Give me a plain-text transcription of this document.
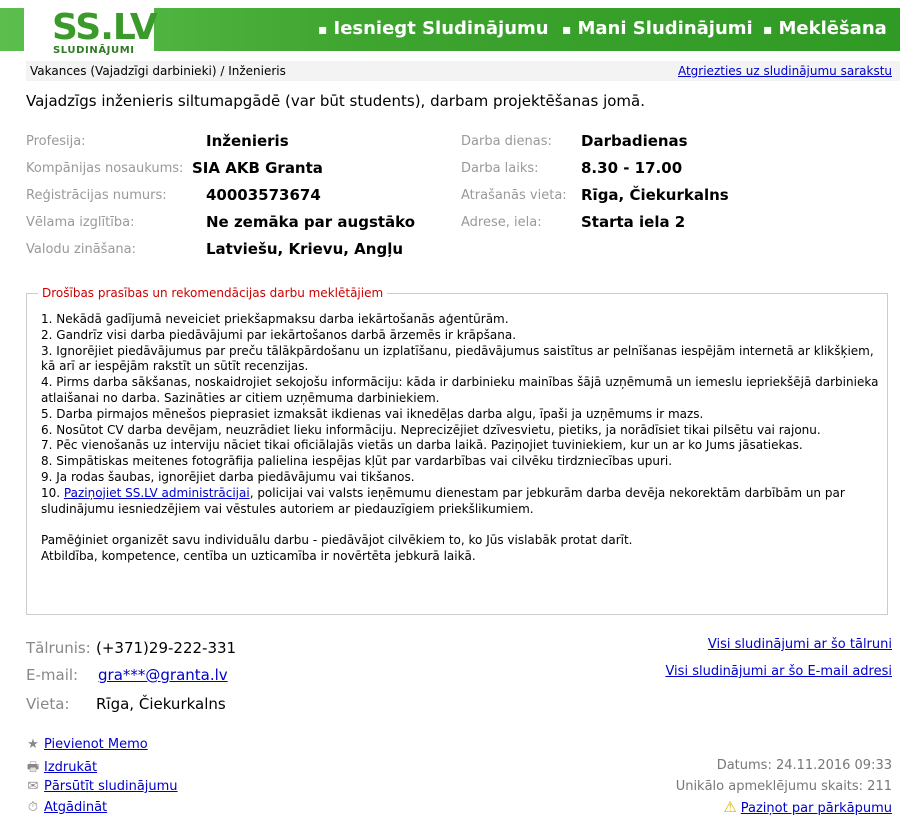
SS.LV
SLUDINĀJUMI
▪ Iesniegt Sludinājumu	▪ Mani Sludinājumi	▪ Meklēšana
Vakances (Vajadzīgi darbinieki) / Inženieris	Atgriezties uz sludinājumu sarakstu
Vajadzīgs inženieris siltumapgādē (var būt students), darbam projektēšanas jomā.
Profesija:	Inženieris
Kompānijas nosaukums: SIA AKB Granta
Reģistrācijas numurs:	40003573674
Vēlama izglītība:	Ne zemāka par augstāko
Valodu zināšana:	Latviešu, Krievu, Angļu
Darba dienas: Darbadienas
Darba laiks:	8.30 - 17.00
Atrašanās vieta: Rīga, Čiekurkalns
Adrese, iela:	Starta iela 2
Drošības prasības un rekomendācijas darbu meklētājiem
1. Nekādā gadījumā neveiciet priekšapmaksu darba iekārtošanās aģentūrām.
2. Gandrīz visi darba piedāvājumi par iekārtošanos darbā ārzemēs ir krāpšana.
3. Ignorējiet piedāvājumus par preču tālākpārdošanu un izplatīšanu, piedāvājumus saistītus ar pelnīšanas iespējām internetā ar klikšķiem, kā arī ar iespējām rakstīt un sūtīt recenzijas.
4. Pirms darba sākšanas, noskaidrojiet sekojošu informāciju: kāda ir darbinieku mainības šājā uzņēmumā un iemeslu iepriekšējā darbinieka atlaišanai no darba. Sazināties ar citiem uzņēmuma darbiniekiem.
5. Darba pirmajos mēnešos pieprasiet izmaksāt ikdienas vai iknedēļas darba algu, īpaši ja uzņēmums ir mazs.
6. Nosūtot CV darba devējam, neuzrādiet lieku informāciju. Neprecizējiet dzīvesvietu, pietiks, ja norādīsiet tikai pilsētu vai rajonu.
7. Pēc vienošanās uz interviju nāciet tikai oficiālajās vietās un darba laikā. Paziņojiet tuviniekiem, kur un ar ko Jums jāsatiekas.
8. Simpātiskas meitenes fotogrāfija palielina iespējas kļūt par vardarbības vai cilvēku tirdzniecības upuri.
9. Ja rodas šaubas, ignorējiet darba piedāvājumu vai tikšanos.
10. Paziņojiet SS.LV administrācijai, policijai vai valsts ieņēmumu dienestam par jebkurām darba devēja nekorektām darbībām un par sludinājumu iesniedzējiem vai vēstules autoriem ar piedauzīgiem priekšlikumiem.
Pamēģiniet organizēt savu individuālu darbu - piedāvājot cilvēkiem to, ko Jūs vislabāk protat darīt.
Atbildība, kompetence, centība un uzticamība ir novērtēta jebkurā laikā.
Tālrunis: (+371)29-222-331
E-mail: gra***@granta.lv
Vieta: Rīga, Čiekurkalns
Visi sludinājumi ar šo tālruni
Visi sludinājumi ar šo E-mail adresi
★ Pievienot Memo
🖶 Izdrukāt
✉ Pārsūtīt sludinājumu
⏱ Atgādināt
Datums: 24.11.2016 09:33
Unikālo apmeklējumu skaits: 211
⚠ Paziņot par pārkāpumu
